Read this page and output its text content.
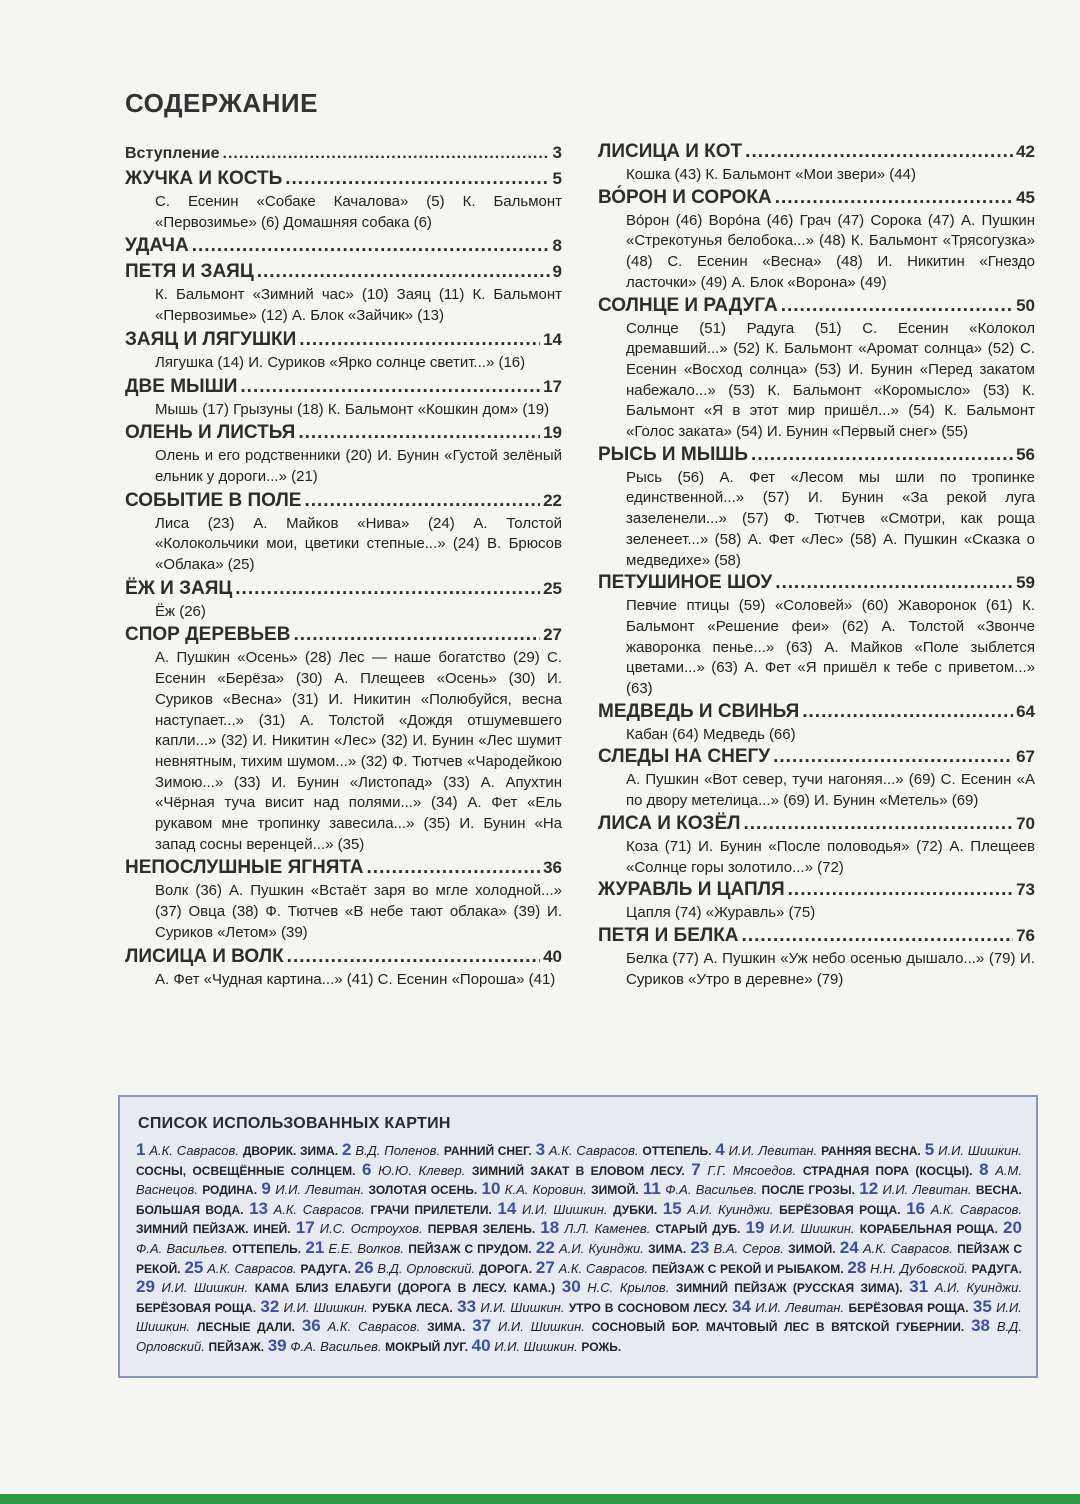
СОДЕРЖАНИЕ
Вступление .....	3
ЖУЧКА И КОСТЬ .....	5
С. Есенин «Собаке Качалова» (5) К. Бальмонт «Первозимье» (6) Домашняя собака (6)
УДАЧА .....	8
ПЕТЯ И ЗАЯЦ .....	9
К. Бальмонт «Зимний час» (10) Заяц (11) К. Бальмонт «Первозимье» (12) А. Блок «Зайчик» (13)
ЗАЯЦ И ЛЯГУШКИ .....	14
Лягушка (14) И. Суриков «Ярко солнце светит...» (16)
ДВЕ МЫШИ .....	17
Мышь (17) Грызуны (18) К. Бальмонт «Кошкин дом» (19)
ОЛЕНЬ И ЛИСТЬЯ .....	19
Олень и его родственники (20) И. Бунин «Густой зелёный ельник у дороги...» (21)
СОБЫТИЕ В ПОЛЕ .....	22
Лиса (23) А. Майков «Нива» (24) А. Толстой «Колокольчики мои, цветики степные...» (24) В. Брюсов «Облака» (25)
ЁЖ И ЗАЯЦ .....	25
Ёж (26)
СПОР ДЕРЕВЬЕВ .....	27
А. Пушкин «Осень» (28) Лес — наше богатство (29) С. Есенин «Берёза» (30) А. Плещеев «Осень» (30) И. Суриков «Весна» (31) И. Никитин «Полюбуйся, весна наступает...» (31) А. Толстой «Дождя отшумевшего капли...» (32) И. Никитин «Лес» (32) И. Бунин «Лес шумит невнятным, тихим шумом...» (32) Ф. Тютчев «Чародейкою Зимою...» (33) И. Бунин «Листопад» (33) А. Апухтин «Чёрная туча висит над полями...» (34) А. Фет «Ель рукавом мне тропинку завесила...» (35) И. Бунин «На запад сосны веренцей...» (35)
НЕПОСЛУШНЫЕ ЯГНЯТА .....	36
Волк (36) А. Пушкин «Встаёт заря во мгле холодной...» (37) Овца (38) Ф. Тютчев «В небе тают облака» (39) И. Суриков «Летом» (39)
ЛИСИЦА И ВОЛК .....	40
А. Фет «Чудная картина...» (41) С. Есенин «Пороша» (41)
ЛИСИЦА И КОТ .....	42
Кошка (43) К. Бальмонт «Мои звери» (44)
ВО́РОН И СОРОКА .....	45
Во́рон (46) Воро́на (46) Грач (47) Сорока (47) А. Пушкин «Стрекотунья белобока...» (48) К. Бальмонт «Трясогузка» (48) С. Есенин «Весна» (48) И. Никитин «Гнездо ласточки» (49) А. Блок «Ворона» (49)
СОЛНЦЕ И РАДУГА .....	50
Солнце (51) Радуга (51) С. Есенин «Колокол дремавший...» (52) К. Бальмонт «Аромат солнца» (52) С. Есенин «Восход солнца» (53) И. Бунин «Перед закатом набежало...» (53) К. Бальмонт «Коромысло» (53) К. Бальмонт «Я в этот мир пришёл...» (54) К. Бальмонт «Голос заката» (54) И. Бунин «Первый снег» (55)
РЫСЬ И МЫШЬ .....	56
Рысь (56) А. Фет «Лесом мы шли по тропинке единственной...» (57) И. Бунин «За рекой луга зазеленели...» (57) Ф. Тютчев «Смотри, как роща зеленеет...» (58) А. Фет «Лес» (58) А. Пушкин «Сказка о медведихе» (58)
ПЕТУШИНОЕ ШОУ .....	59
Певчие птицы (59) «Соловей» (60) Жаворонок (61) К. Бальмонт «Решение феи» (62) А. Толстой «Звонче жаворонка пенье...» (63) А. Майков «Поле зыблется цветами...» (63) А. Фет «Я пришёл к тебе с приветом...» (63)
МЕДВЕДЬ И СВИНЬЯ .....	64
Кабан (64) Медведь (66)
СЛЕДЫ НА СНЕГУ .....	67
А. Пушкин «Вот север, тучи нагоняя...» (69) С. Есенин «А по двору метелица...» (69) И. Бунин «Метель» (69)
ЛИСА И КОЗЁЛ .....	70
Коза (71) И. Бунин «После половодья» (72) А. Плещеев «Солнце горы золотило...» (72)
ЖУРАВЛЬ И ЦАПЛЯ .....	73
Цапля (74) «Журавль» (75)
ПЕТЯ И БЕЛКА .....	76
Белка (77) А. Пушкин «Уж небо осенью дышало...» (79) И. Суриков «Утро в деревне» (79)
СПИСОК ИСПОЛЬЗОВАННЫХ КАРТИН
1 А.К. Саврасов. ДВОРИК. ЗИМА. 2 В.Д. Поленов. РАННИЙ СНЕГ. 3 А.К. Саврасов. ОТТЕПЕЛЬ. 4 И.И. Левитан. РАННЯЯ ВЕСНА. 5 И.И. Шишкин. СОСНЫ, ОСВЕЩЁННЫЕ СОЛНЦЕМ. 6 Ю.Ю. Клевер. ЗИМНИЙ ЗАКАТ В ЕЛОВОМ ЛЕСУ. 7 Г.Г. Мясоедов. СТРАДНАЯ ПОРА (КОСЦЫ). 8 А.М. Васнецов. РОДИНА. 9 И.И. Левитан. ЗОЛОТАЯ ОСЕНЬ. 10 К.А. Коровин. ЗИМОЙ. 11 Ф.А. Васильев. ПОСЛЕ ГРОЗЫ. 12 И.И. Левитан. ВЕСНА. БОЛЬШАЯ ВОДА. 13 А.К. Саврасов. ГРАЧИ ПРИЛЕТЕЛИ. 14 И.И. Шишкин. ДУБКИ. 15 А.И. Куинджи. БЕРЁЗОВАЯ РОЩА. 16 А.К. Саврасов. ЗИМНИЙ ПЕЙЗАЖ. ИНЕЙ. 17 И.С. Остроухов. ПЕРВАЯ ЗЕЛЕНЬ. 18 Л.Л. Каменев. СТАРЫЙ ДУБ. 19 И.И. Шишкин. КОРАБЕЛЬНАЯ РОЩА. 20 Ф.А. Васильев. ОТТЕПЕЛЬ. 21 Е.Е. Волков. ПЕЙЗАЖ С ПРУДОМ. 22 А.И. Куинджи. ЗИМА. 23 В.А. Серов. ЗИМОЙ. 24 А.К. Саврасов. ПЕЙЗАЖ С РЕКОЙ. 25 А.К. Саврасов. РАДУГА. 26 В.Д. Орловский. ДОРОГА. 27 А.К. Саврасов. ПЕЙЗАЖ С РЕКОЙ И РЫБАКОМ. 28 Н.Н. Дубовской. РАДУГА. 29 И.И. Шишкин. КАМА БЛИЗ ЕЛАБУГИ (ДОРОГА В ЛЕСУ. КАМА.) 30 Н.С. Крылов. ЗИМНИЙ ПЕЙЗАЖ (РУССКАЯ ЗИМА). 31 А.И. Куинджи. БЕРЁЗОВАЯ РОЩА. 32 И.И. Шишкин. РУБКА ЛЕСА. 33 И.И. Шишкин. УТРО В СОСНОВОМ ЛЕСУ. 34 И.И. Левитан. БЕРЁЗОВАЯ РОЩА. 35 И.И. Шишкин. ЛЕСНЫЕ ДАЛИ. 36 А.К. Саврасов. ЗИМА. 37 И.И. Шишкин. СОСНОВЫЙ БОР. МАЧТОВЫЙ ЛЕС В ВЯТСКОЙ ГУБЕРНИИ. 38 В.Д. Орловский. ПЕЙЗАЖ. 39 Ф.А. Васильев. МОКРЫЙ ЛУГ. 40 И.И. Шишкин. РОЖЬ.
